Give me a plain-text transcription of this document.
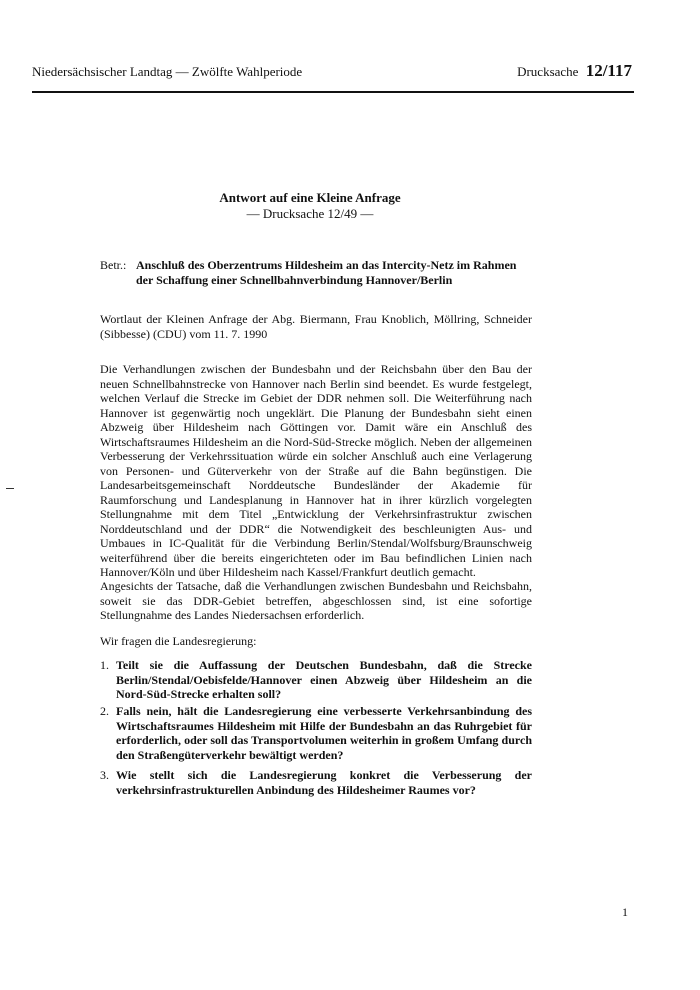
Niedersächsischer Landtag — Zwölfte Wahlperiode	Drucksache 12/117
Antwort auf eine Kleine Anfrage
— Drucksache 12/49 —
Betr.: Anschluß des Oberzentrums Hildesheim an das Intercity-Netz im Rahmen der Schaffung einer Schnellbahnverbindung Hannover/Berlin
Wortlaut der Kleinen Anfrage der Abg. Biermann, Frau Knoblich, Möllring, Schneider (Sibbesse) (CDU) vom 11. 7. 1990
Die Verhandlungen zwischen der Bundesbahn und der Reichsbahn über den Bau der neuen Schnellbahnstrecke von Hannover nach Berlin sind beendet. Es wurde festgelegt, welchen Verlauf die Strecke im Gebiet der DDR nehmen soll. Die Weiterführung nach Hannover ist gegenwärtig noch ungeklärt. Die Planung der Bundesbahn sieht einen Abzweig über Hildesheim nach Göttingen vor. Damit wäre ein Anschluß des Wirtschaftsraumes Hildesheim an die Nord-Süd-Strecke möglich. Neben der allgemeinen Verbesserung der Verkehrssituation würde ein solcher Anschluß auch eine Verlagerung von Personen- und Güterverkehr von der Straße auf die Bahn begünstigen. Die Landesarbeitsgemeinschaft Norddeutsche Bundesländer der Akademie für Raumforschung und Landesplanung in Hannover hat in ihrer kürzlich vorgelegten Stellungnahme mit dem Titel „Entwicklung der Verkehrsinfrastruktur zwischen Norddeutschland und der DDR“ die Notwendigkeit des beschleunigten Aus- und Umbaues in IC-Qualität für die Verbindung Berlin/Stendal/Wolfsburg/Braunschweig weiterführend über die bereits eingerichteten oder im Bau befindlichen Linien nach Hannover/Köln und über Hildesheim nach Kassel/Frankfurt deutlich gemacht.
Angesichts der Tatsache, daß die Verhandlungen zwischen Bundesbahn und Reichsbahn, soweit sie das DDR-Gebiet betreffen, abgeschlossen sind, ist eine sofortige Stellungnahme des Landes Niedersachsen erforderlich.
Wir fragen die Landesregierung:
1. Teilt sie die Auffassung der Deutschen Bundesbahn, daß die Strecke Berlin/Stendal/Oebisfelde/Hannover einen Abzweig über Hildesheim an die Nord-Süd-Strecke erhalten soll?
2. Falls nein, hält die Landesregierung eine verbesserte Verkehrsanbindung des Wirtschaftsraumes Hildesheim mit Hilfe der Bundesbahn an das Ruhrgebiet für erforderlich, oder soll das Transportvolumen weiterhin in großem Umfang durch den Straßengüterverkehr bewältigt werden?
3. Wie stellt sich die Landesregierung konkret die Verbesserung der verkehrsinfrastrukturellen Anbindung des Hildesheimer Raumes vor?
1
